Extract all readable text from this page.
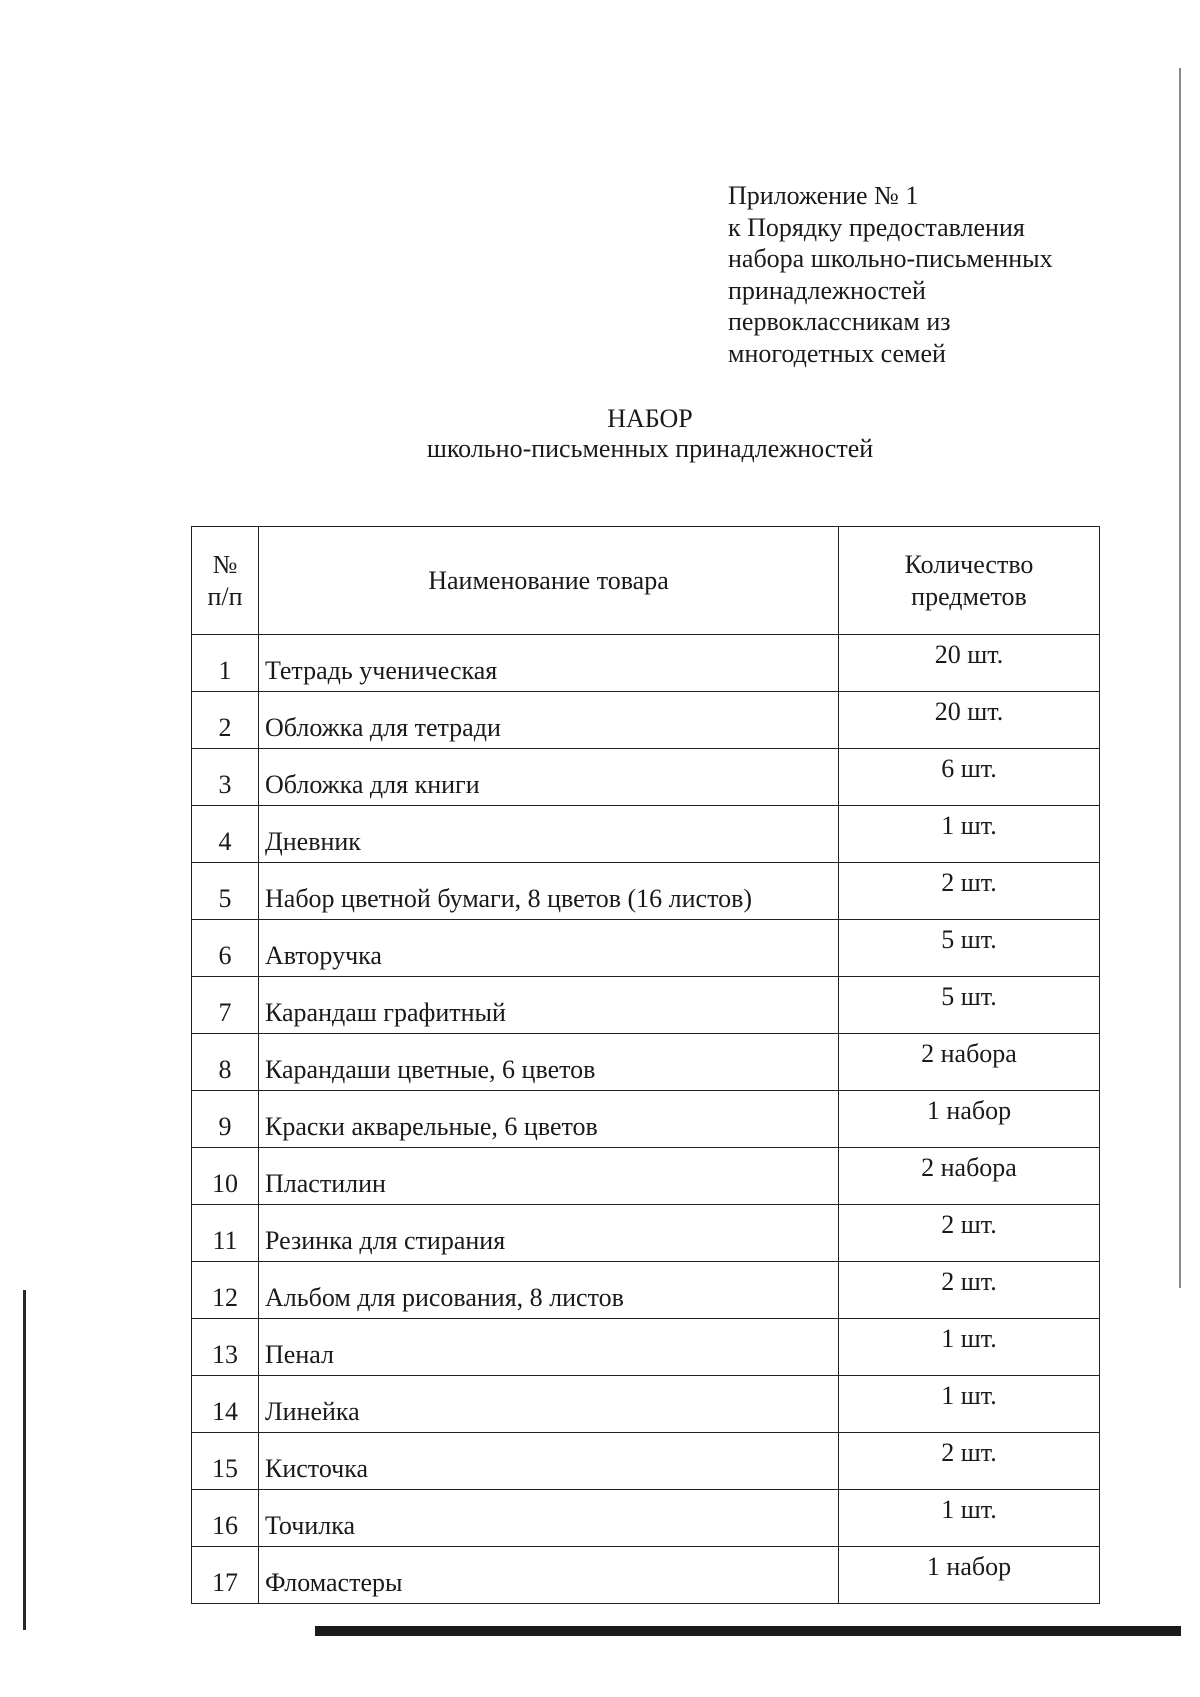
Приложение № 1
к Порядку предоставления
набора школьно-письменных
принадлежностей
первоклассникам из
многодетных семей
НАБОР
школьно-письменных принадлежностей
№
п/п	Наименование товара	Количество
предметов
1	Тетрадь ученическая	20 шт.
2	Обложка для тетради	20 шт.
3	Обложка для книги	6 шт.
4	Дневник	1 шт.
5	Набор цветной бумаги, 8 цветов (16 листов)	2 шт.
6	Авторучка	5 шт.
7	Карандаш графитный	5 шт.
8	Карандаши цветные, 6 цветов	2 набора
9	Краски акварельные, 6 цветов	1 набор
10	Пластилин	2 набора
11	Резинка для стирания	2 шт.
12	Альбом для рисования, 8 листов	2 шт.
13	Пенал	1 шт.
14	Линейка	1 шт.
15	Кисточка	2 шт.
16	Точилка	1 шт.
17	Фломастеры	1 набор
